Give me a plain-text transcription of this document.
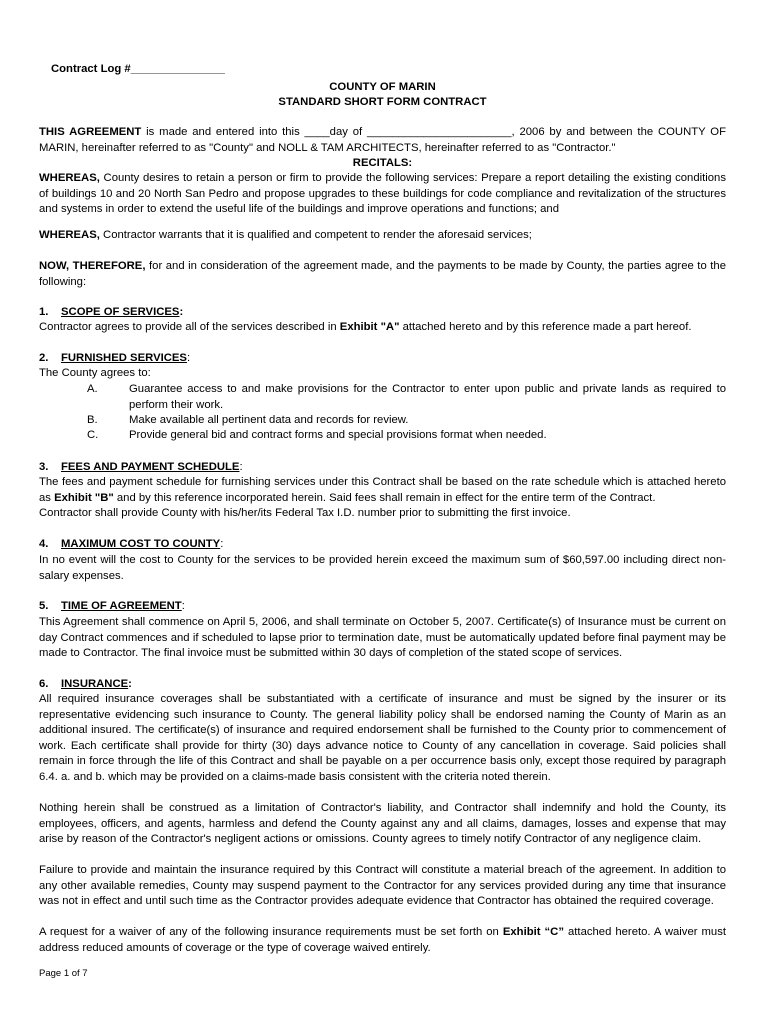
Contract Log #_______________
COUNTY OF MARIN
STANDARD SHORT FORM CONTRACT
THIS AGREEMENT is made and entered into this ____day of _______________________, 2006 by and between the COUNTY OF MARIN, hereinafter referred to as "County" and NOLL & TAM ARCHITECTS, hereinafter referred to as "Contractor."
RECITALS:
WHEREAS, County desires to retain a person or firm to provide the following services: Prepare a report detailing the existing conditions of buildings 10 and 20 North San Pedro and propose upgrades to these buildings for code compliance and revitalization of the structures and systems in order to extend the useful life of the buildings and improve operations and functions; and
WHEREAS, Contractor warrants that it is qualified and competent to render the aforesaid services;
NOW, THEREFORE, for and in consideration of the agreement made, and the payments to be made by County, the parties agree to the following:
1. SCOPE OF SERVICES:
Contractor agrees to provide all of the services described in Exhibit "A" attached hereto and by this reference made a part hereof.
2. FURNISHED SERVICES:
The County agrees to:
A.	Guarantee access to and make provisions for the Contractor to enter upon public and private lands as required to perform their work.
B.	Make available all pertinent data and records for review.
C.	Provide general bid and contract forms and special provisions format when needed.
3. FEES AND PAYMENT SCHEDULE:
The fees and payment schedule for furnishing services under this Contract shall be based on the rate schedule which is attached hereto as Exhibit "B" and by this reference incorporated herein. Said fees shall remain in effect for the entire term of the Contract.
Contractor shall provide County with his/her/its Federal Tax I.D. number prior to submitting the first invoice.
4. MAXIMUM COST TO COUNTY:
In no event will the cost to County for the services to be provided herein exceed the maximum sum of $60,597.00 including direct non-salary expenses.
5. TIME OF AGREEMENT:
This Agreement shall commence on April 5, 2006, and shall terminate on October 5, 2007. Certificate(s) of Insurance must be current on day Contract commences and if scheduled to lapse prior to termination date, must be automatically updated before final payment may be made to Contractor. The final invoice must be submitted within 30 days of completion of the stated scope of services.
6. INSURANCE:
All required insurance coverages shall be substantiated with a certificate of insurance and must be signed by the insurer or its representative evidencing such insurance to County. The general liability policy shall be endorsed naming the County of Marin as an additional insured. The certificate(s) of insurance and required endorsement shall be furnished to the County prior to commencement of work. Each certificate shall provide for thirty (30) days advance notice to County of any cancellation in coverage. Said policies shall remain in force through the life of this Contract and shall be payable on a per occurrence basis only, except those required by paragraph 6.4. a. and b. which may be provided on a claims-made basis consistent with the criteria noted therein.
Nothing herein shall be construed as a limitation of Contractor's liability, and Contractor shall indemnify and hold the County, its employees, officers, and agents, harmless and defend the County against any and all claims, damages, losses and expense that may arise by reason of the Contractor's negligent actions or omissions. County agrees to timely notify Contractor of any negligence claim.
Failure to provide and maintain the insurance required by this Contract will constitute a material breach of the agreement. In addition to any other available remedies, County may suspend payment to the Contractor for any services provided during any time that insurance was not in effect and until such time as the Contractor provides adequate evidence that Contractor has obtained the required coverage.
A request for a waiver of any of the following insurance requirements must be set forth on Exhibit “C” attached hereto. A waiver must address reduced amounts of coverage or the type of coverage waived entirely.
Page 1 of 7
